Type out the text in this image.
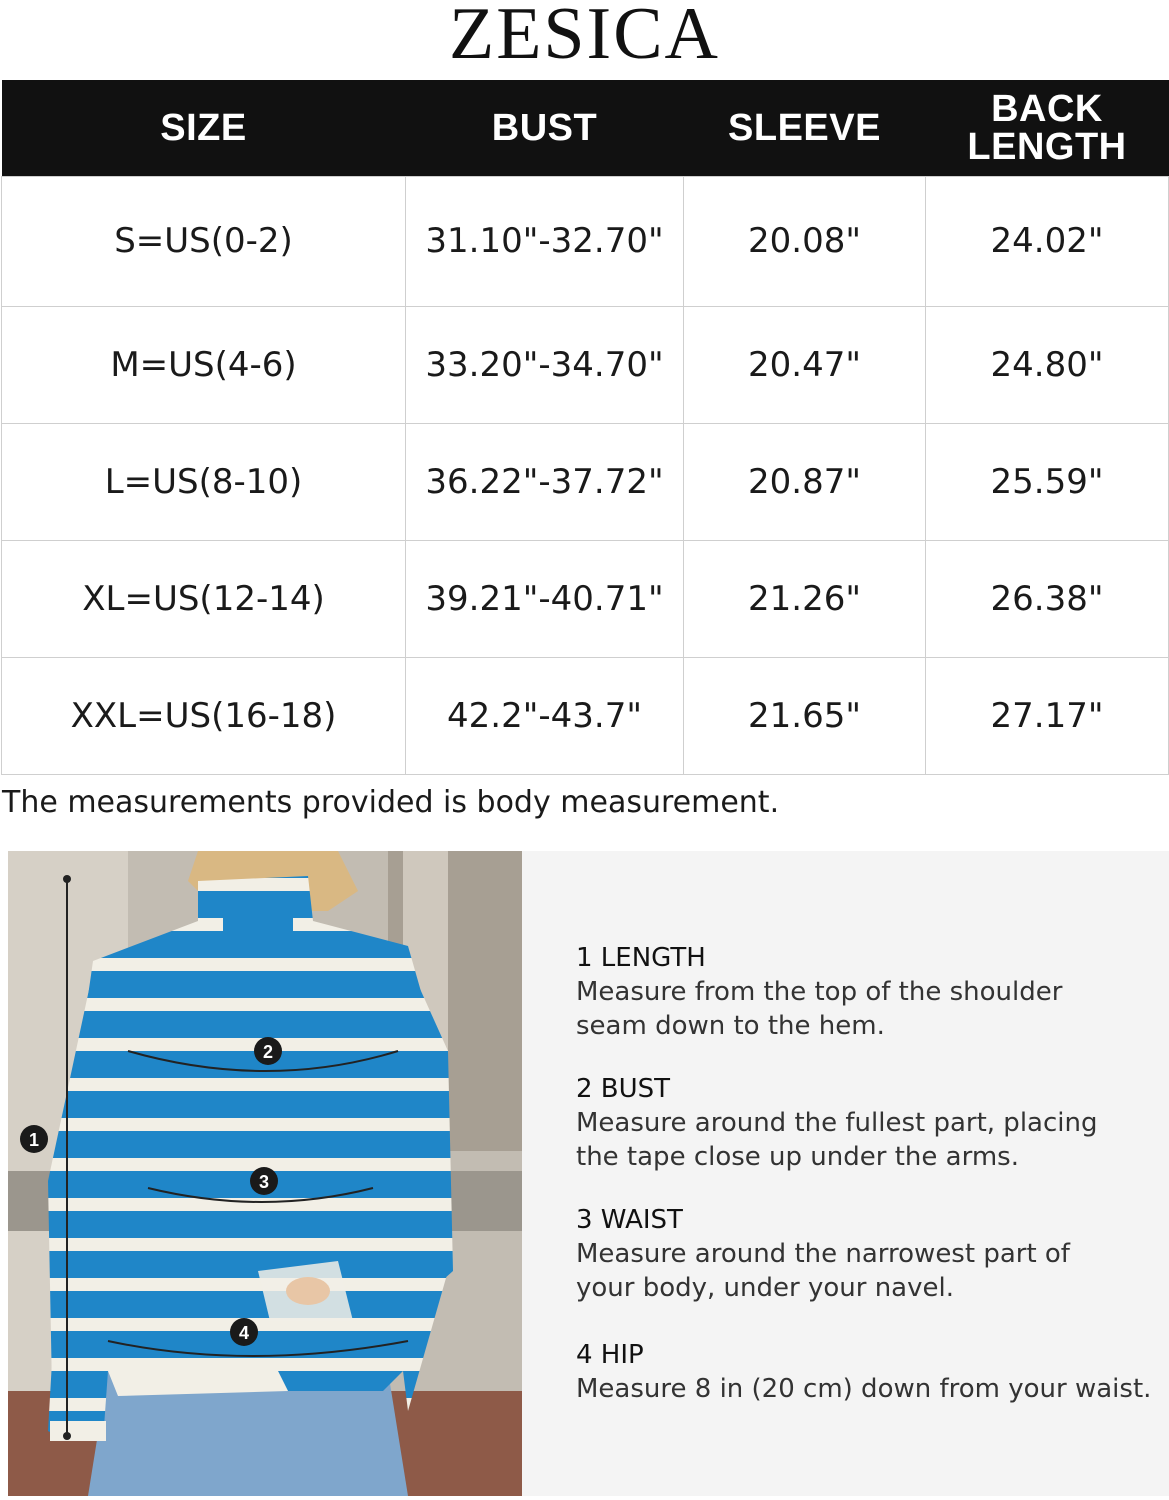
ZESICA
SIZE	BUST	SLEEVE	BACK LENGTH
S=US(0-2)	31.10"-32.70"	20.08"	24.02"
M=US(4-6)	33.20"-34.70"	20.47"	24.80"
L=US(8-10)	36.22"-37.72"	20.87"	25.59"
XL=US(12-14)	39.21"-40.71"	21.26"	26.38"
XXL=US(16-18)	42.2"-43.7"	21.65"	27.17"
The measurements provided is body measurement.
1
2
3
4
1 LENGTH
Measure from the top of the shoulder seam down to the hem.
2 BUST
Measure around the fullest part, placing the tape close up under the arms.
3 WAIST
Measure around the narrowest part of your body, under your navel.
4 HIP
Measure 8 in (20 cm) down from your waist.
